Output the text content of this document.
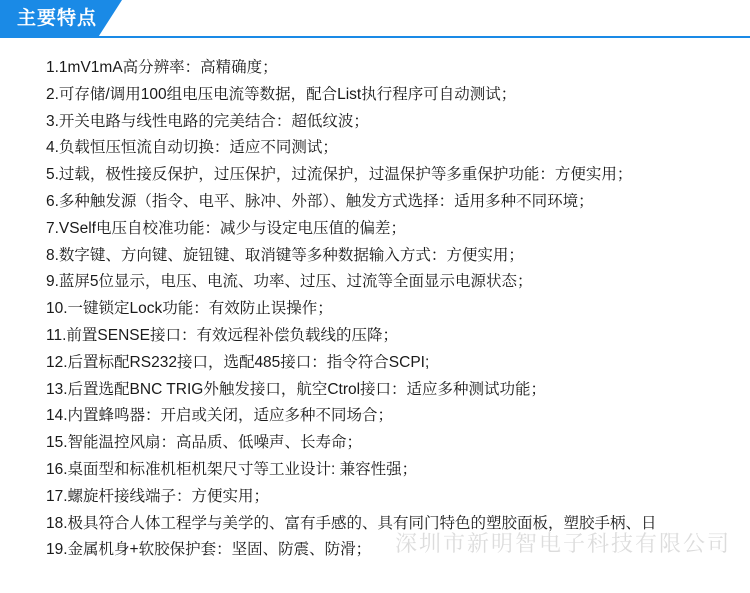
主要特点
1.1mV1mA高分辨率：高精确度；
2.可存储/调用100组电压电流等数据，配合List执行程序可自动测试；
3.开关电路与线性电路的完美结合：超低纹波；
4.负载恒压恒流自动切换：适应不同测试；
5.过载，极性接反保护，过压保护，过流保护，过温保护等多重保护功能：方便实用；
6.多种触发源（指令、电平、脉冲、外部）、触发方式选择：适用多种不同环境；
7.VSelf电压自校准功能：减少与设定电压值的偏差；
8.数字键、方向键、旋钮键、取消键等多种数据输入方式：方便实用；
9.蓝屏5位显示，电压、电流、功率、过压、过流等全面显示电源状态；
10.一键锁定Lock功能：有效防止误操作；
11.前置SENSE接口：有效远程补偿负载线的压降；
12.后置标配RS232接口，选配485接口：指令符合SCPI;
13.后置选配BNC TRIG外触发接口，航空Ctrol接口：适应多种测试功能；
14.内置蜂鸣器：开启或关闭，适应多种不同场合；
15.智能温控风扇：高品质、低噪声、长寿命；
16.桌面型和标准机柜机架尺寸等工业设计: 兼容性强；
17.螺旋杆接线端子：方便实用；
18.极具符合人体工程学与美学的、富有手感的、具有同门特色的塑胶面板，塑胶手柄、日
19.金属机身+软胶保护套：坚固、防震、防滑；	深圳市新明智电子科技有限公司
